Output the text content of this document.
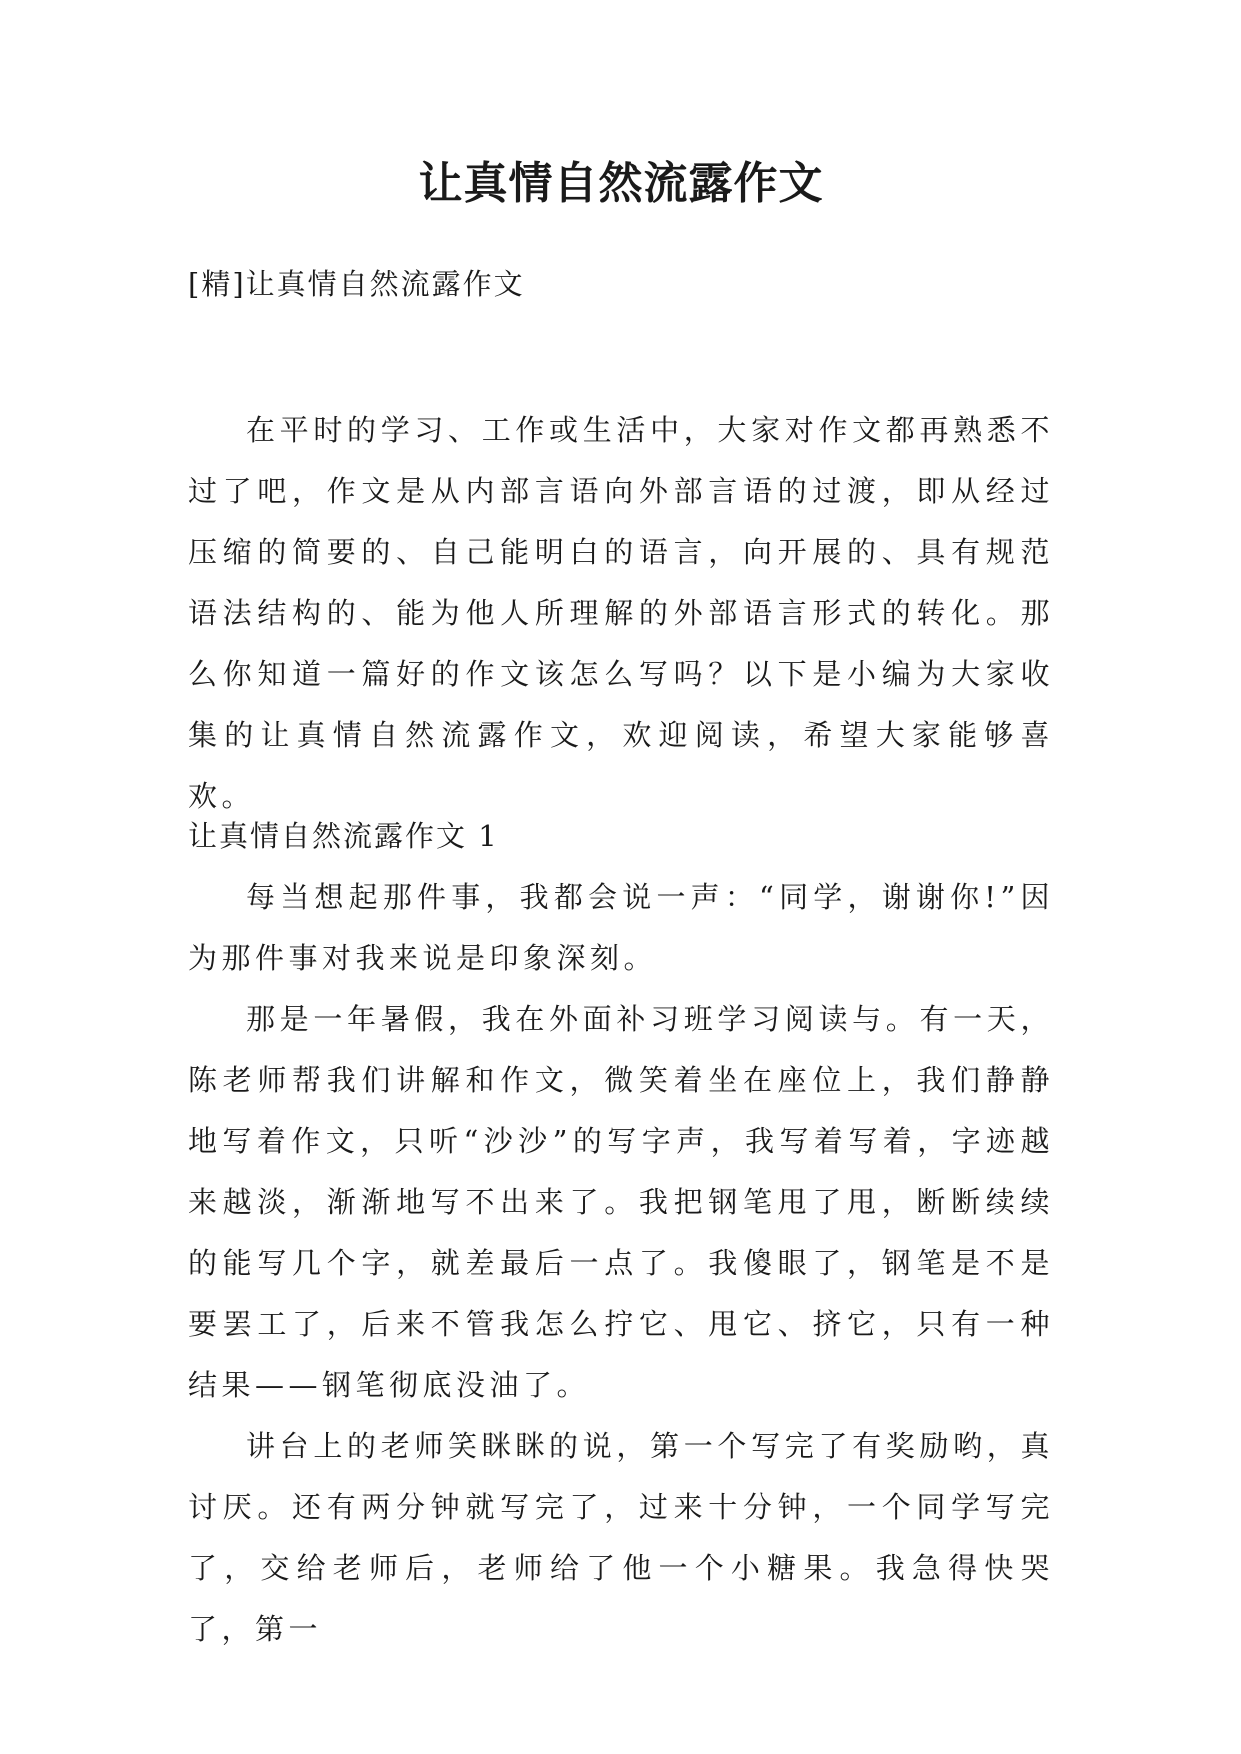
让真情自然流露作文

[精]让真情自然流露作文

在平时的学习、工作或生活中，大家对作文都再熟悉不过了吧，作文是从内部言语向外部言语的过渡，即从经过压缩的简要的、自己能明白的语言，向开展的、具有规范语法结构的、能为他人所理解的外部语言形式的转化。那么你知道一篇好的作文该怎么写吗？以下是小编为大家收集的让真情自然流露作文，欢迎阅读，希望大家能够喜欢。

让真情自然流露作文 1

每当想起那件事，我都会说一声：“同学，谢谢你!”因为那件事对我来说是印象深刻。

那是一年暑假，我在外面补习班学习阅读与。有一天，陈老师帮我们讲解和作文，微笑着坐在座位上，我们静静地写着作文，只听“沙沙”的写字声，我写着写着，字迹越来越淡，渐渐地写不出来了。我把钢笔甩了甩，断断续续的能写几个字，就差最后一点了。我傻眼了，钢笔是不是要罢工了，后来不管我怎么拧它、甩它、挤它，只有一种结果——钢笔彻底没油了。

讲台上的老师笑眯眯的说，第一个写完了有奖励哟，真讨厌。还有两分钟就写完了，过来十分钟，一个同学写完了，交给老师后，老师给了他一个小糖果。我急得快哭了，第一
